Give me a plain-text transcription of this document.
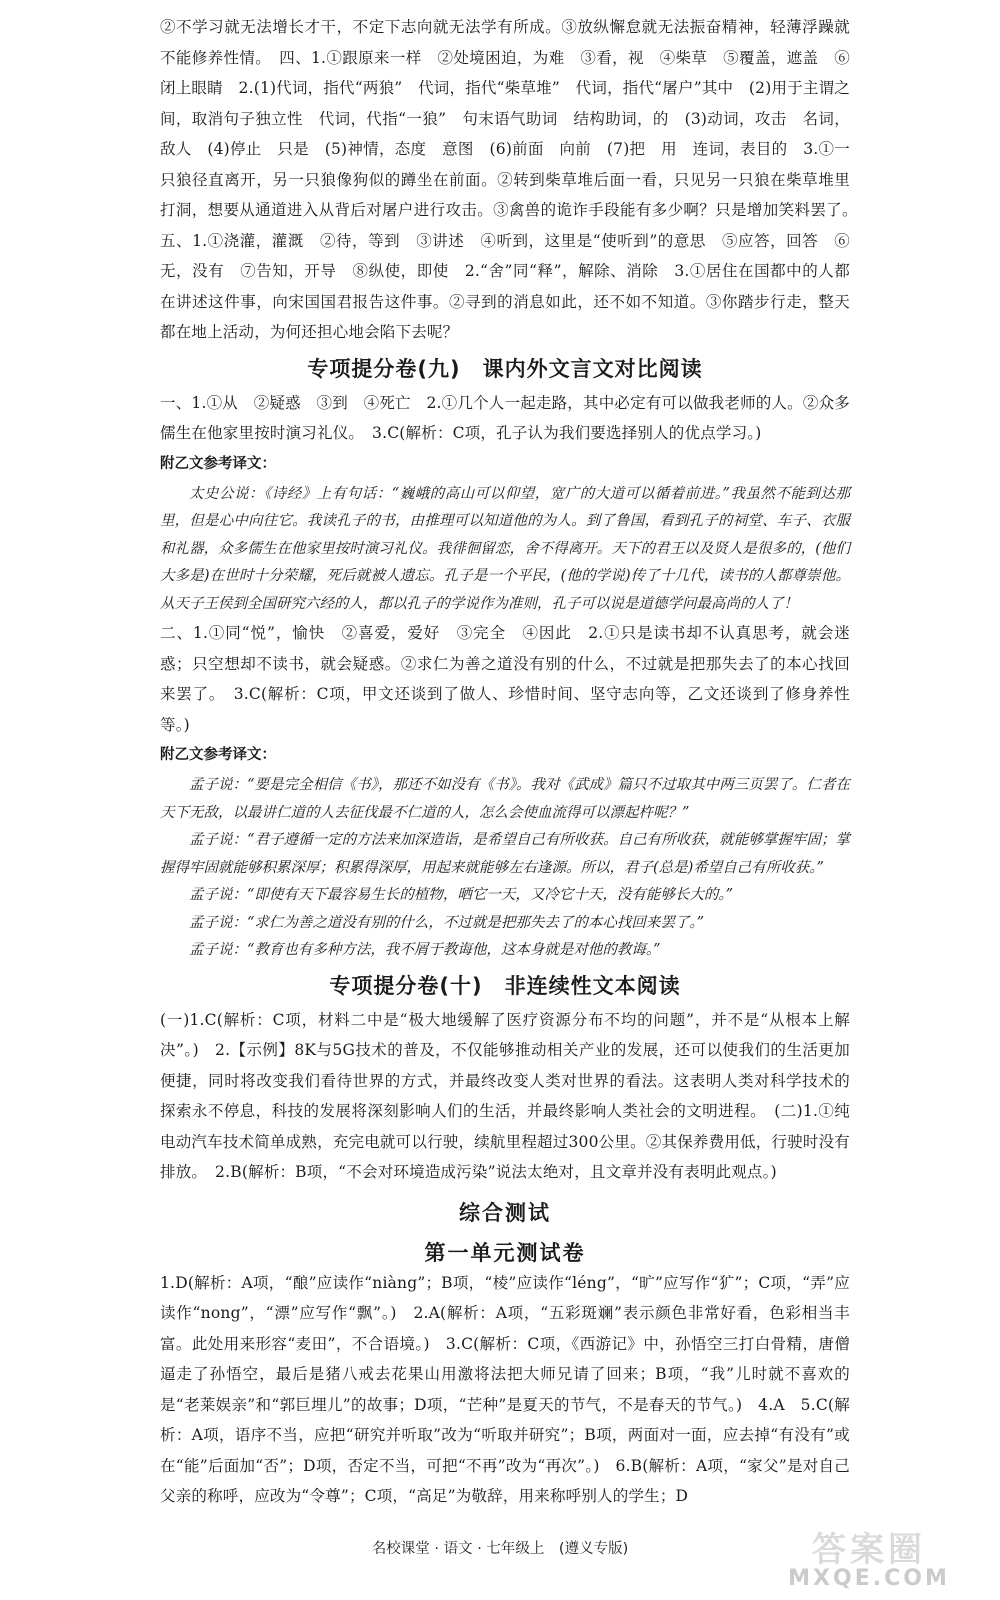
②不学习就无法增长才干，不定下志向就无法学有所成。③放纵懈怠就无法振奋精神，轻薄浮躁就不能修养性情。　四、1.①跟原来一样　②处境困迫，为难　③看，视　④柴草　⑤覆盖，遮盖　⑥闭上眼睛　2.(1)代词，指代“两狼”　代词，指代“柴草堆”　代词，指代“屠户”其中　(2)用于主谓之间，取消句子独立性　代词，代指“一狼”　句末语气助词　结构助词，的　(3)动词，攻击　名词，敌人　(4)停止　只是　(5)神情，态度　意图　(6)前面　向前　(7)把　用　连词，表目的　3.①一只狼径直离开，另一只狼像狗似的蹲坐在前面。②转到柴草堆后面一看，只见另一只狼在柴草堆里打洞，想要从通道进入从背后对屠户进行攻击。③禽兽的诡诈手段能有多少啊？只是增加笑料罢了。　五、1.①浇灌，灌溉　②待，等到　③讲述　④听到，这里是“使听到”的意思　⑤应答，回答　⑥无，没有　⑦告知，开导　⑧纵使，即使　2.“舍”同“释”，解除、消除　3.①居住在国都中的人都在讲述这件事，向宋国国君报告这件事。②寻到的消息如此，还不如不知道。③你踏步行走，整天都在地上活动，为何还担心地会陷下去呢？

专项提分卷(九)　课内外文言文对比阅读

一、1.①从　②疑惑　③到　④死亡　2.①几个人一起走路，其中必定有可以做我老师的人。②众多儒生在他家里按时演习礼仪。　3.C(解析：C项，孔子认为我们要选择别人的优点学习。)

附乙文参考译文：

太史公说：《诗经》上有句话：“巍峨的高山可以仰望，宽广的大道可以循着前进。”我虽然不能到达那里，但是心中向往它。我读孔子的书，由推理可以知道他的为人。到了鲁国，看到孔子的祠堂、车子、衣服和礼器，众多儒生在他家里按时演习礼仪。我徘徊留恋，舍不得离开。天下的君王以及贤人是很多的，(他们大多是)在世时十分荣耀，死后就被人遗忘。孔子是一个平民，(他的学说)传了十几代，读书的人都尊崇他。从天子王侯到全国研究六经的人，都以孔子的学说作为准则，孔子可以说是道德学问最高尚的人了！

二、1.①同“悦”，愉快　②喜爱，爱好　③完全　④因此　2.①只是读书却不认真思考，就会迷惑；只空想却不读书，就会疑惑。②求仁为善之道没有别的什么，不过就是把那失去了的本心找回来罢了。　3.C(解析：C项，甲文还谈到了做人、珍惜时间、坚守志向等，乙文还谈到了修身养性等。)

附乙文参考译文：

孟子说：“要是完全相信《书》，那还不如没有《书》。我对《武成》篇只不过取其中两三页罢了。仁者在天下无敌，以最讲仁道的人去征伐最不仁道的人，怎么会使血流得可以漂起杵呢？”

孟子说：“君子遵循一定的方法来加深造诣，是希望自己有所收获。自己有所收获，就能够掌握牢固；掌握得牢固就能够积累深厚；积累得深厚，用起来就能够左右逢源。所以，君子(总是)希望自己有所收获。”

孟子说：“即使有天下最容易生长的植物，晒它一天，又冷它十天，没有能够长大的。”

孟子说：“求仁为善之道没有别的什么，不过就是把那失去了的本心找回来罢了。”

孟子说：“教育也有多种方法，我不屑于教诲他，这本身就是对他的教诲。”

专项提分卷(十)　非连续性文本阅读

(一)1.C(解析：C项，材料二中是“极大地缓解了医疗资源分布不均的问题”，并不是“从根本上解决”。)　2.【示例】8K与5G技术的普及，不仅能够推动相关产业的发展，还可以使我们的生活更加便捷，同时将改变我们看待世界的方式，并最终改变人类对世界的看法。这表明人类对科学技术的探索永不停息，科技的发展将深刻影响人们的生活，并最终影响人类社会的文明进程。　(二)1.①纯电动汽车技术简单成熟，充完电就可以行驶，续航里程超过300公里。②其保养费用低，行驶时没有排放。　2.B(解析：B项，“不会对环境造成污染”说法太绝对，且文章并没有表明此观点。)

综合测试
第一单元测试卷

1.D(解析：A项，“酿”应读作“niàng”；B项，“棱”应读作“léng”，“旷”应写作“犷”；C项，“弄”应读作“nong”，“漂”应写作“飘”。)　2.A(解析：A项，“五彩斑斓”表示颜色非常好看，色彩相当丰富。此处用来形容“麦田”，不合语境。)　3.C(解析：C项，《西游记》中，孙悟空三打白骨精，唐僧逼走了孙悟空，最后是猪八戒去花果山用激将法把大师兄请了回来；B项，“我”儿时就不喜欢的是“老莱娱亲”和“郭巨埋儿”的故事；D项，“芒种”是夏天的节气，不是春天的节气。)　4.A　5.C(解析：A项，语序不当，应把“研究并听取”改为“听取并研究”；B项，两面对一面，应去掉“有没有”或在“能”后面加“否”；D项，否定不当，可把“不再”改为“再次”。)　6.B(解析：A项，“家父”是对自己父亲的称呼，应改为“令尊”；C项，“高足”为敬辞，用来称呼别人的学生；D

名校课堂 · 语文 · 七年级上　(遵义专版)	答案圈
MXQE.COM
